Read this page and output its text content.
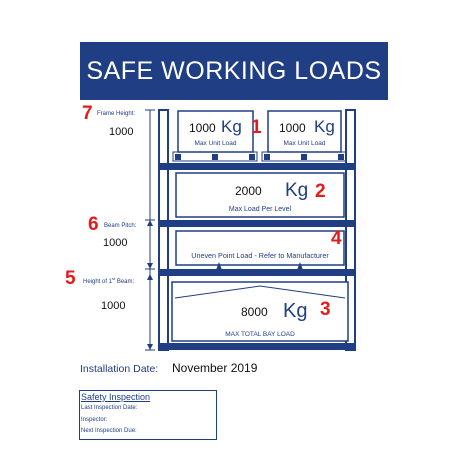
SAFE WORKING LOADS
7
1
2
6
4
5
3
Frame Height:
1000
Beam Pitch:
1000
Height of 1st Beam:
1000
1000 Kg
Max Unit Load
1000 Kg
Max Unit Load
2000 Kg
Max Load Per Level
Uneven Point Load - Refer to Manufacturer
8000 Kg
MAX TOTAL BAY LOAD
Installation Date: November 2019
Safety Inspection
Last Inspection Date:
Inspector:
Next Inspection Due:
